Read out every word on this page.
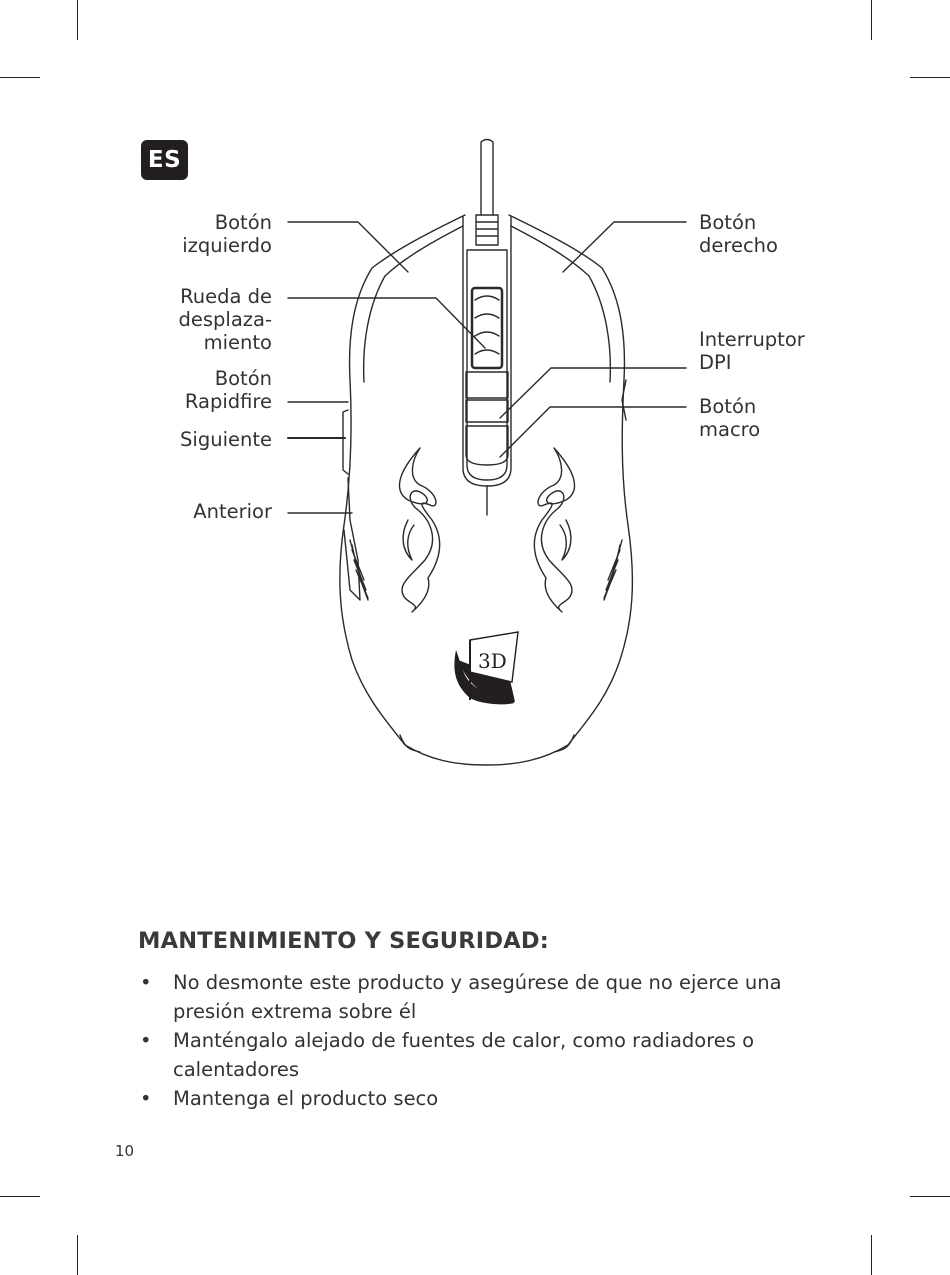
ES
3D
Botón
izquierdo
Rueda de
desplaza-
miento
Botón
Rapidfire
Siguiente
Anterior
Botón
derecho
Interruptor
DPI
Botón
macro
MANTENIMIENTO Y SEGURIDAD:
• No desmonte este producto y asegúrese de que no ejerce una presión extrema sobre él
• Manténgalo alejado de fuentes de calor, como radiadores o calentadores
• Mantenga el producto seco
10
